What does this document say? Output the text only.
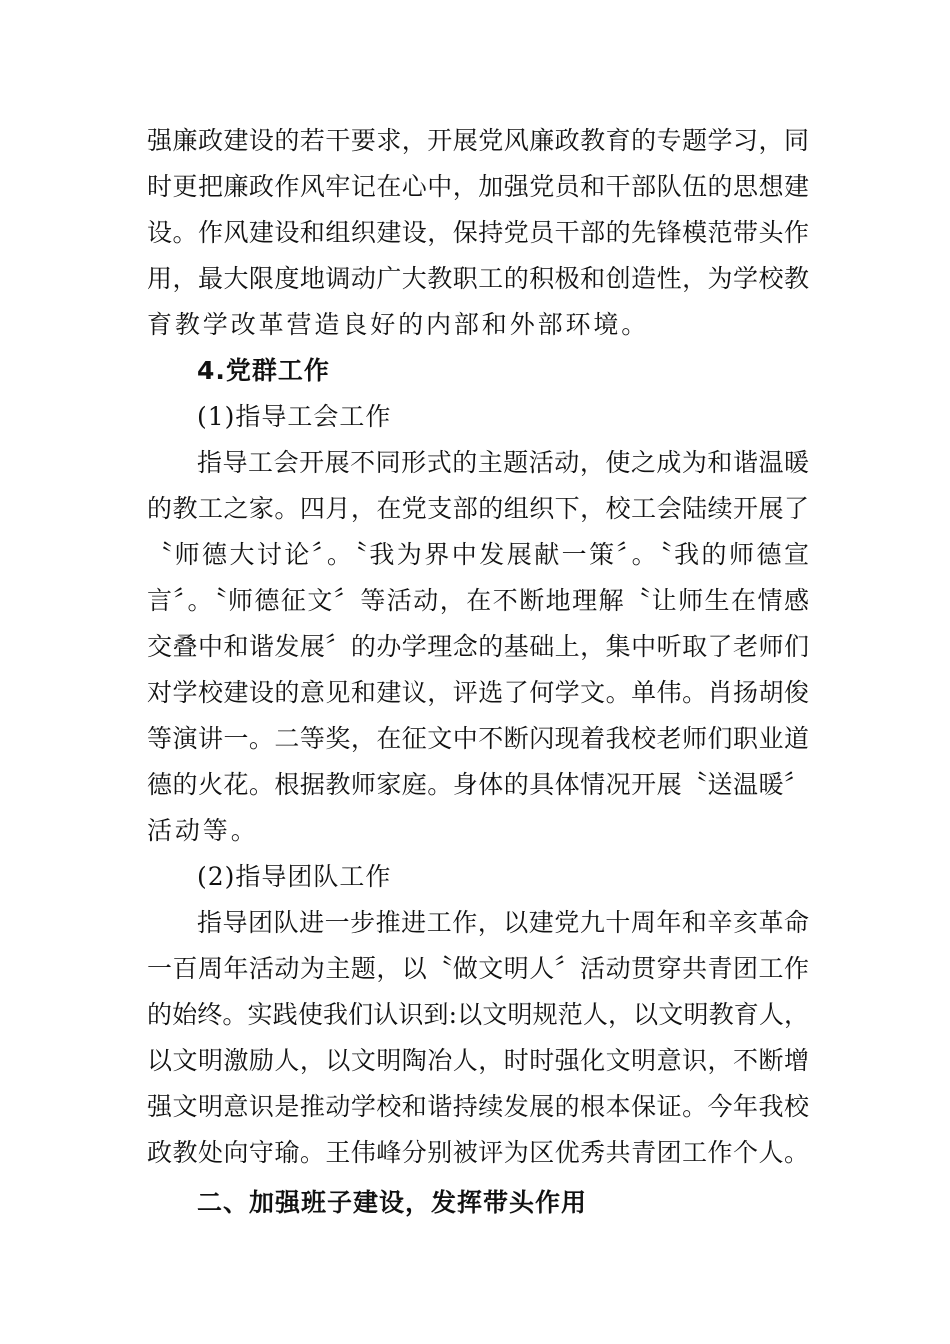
强廉政建设的若干要求，开展党风廉政教育的专题学习，同
时更把廉政作风牢记在心中，加强党员和干部队伍的思想建
设。作风建设和组织建设，保持党员干部的先锋模范带头作
用，最大限度地调动广大教职工的积极和创造性，为学校教
育教学改革营造良好的内部和外部环境。
4.党群工作
(1)指导工会工作
指导工会开展不同形式的主题活动，使之成为和谐温暖
的教工之家。四月，在党支部的组织下，校工会陆续开展了
〝师德大讨论〞。〝我为界中发展献一策〞。〝我的师德宣
言〞。〝师德征文〞等活动，在不断地理解〝让师生在情感
交叠中和谐发展〞的办学理念的基础上，集中听取了老师们
对学校建设的意见和建议，评选了何学文。单伟。肖扬胡俊
等演讲一。二等奖，在征文中不断闪现着我校老师们职业道
德的火花。根据教师家庭。身体的具体情况开展〝送温暖〞
活动等。
(2)指导团队工作
指导团队进一步推进工作，以建党九十周年和辛亥革命
一百周年活动为主题，以〝做文明人〞活动贯穿共青团工作
的始终。实践使我们认识到:以文明规范人，以文明教育人，
以文明激励人，以文明陶冶人，时时强化文明意识，不断增
强文明意识是推动学校和谐持续发展的根本保证。今年我校
政教处向守瑜。王伟峰分别被评为区优秀共青团工作个人。
二、加强班子建设，发挥带头作用
